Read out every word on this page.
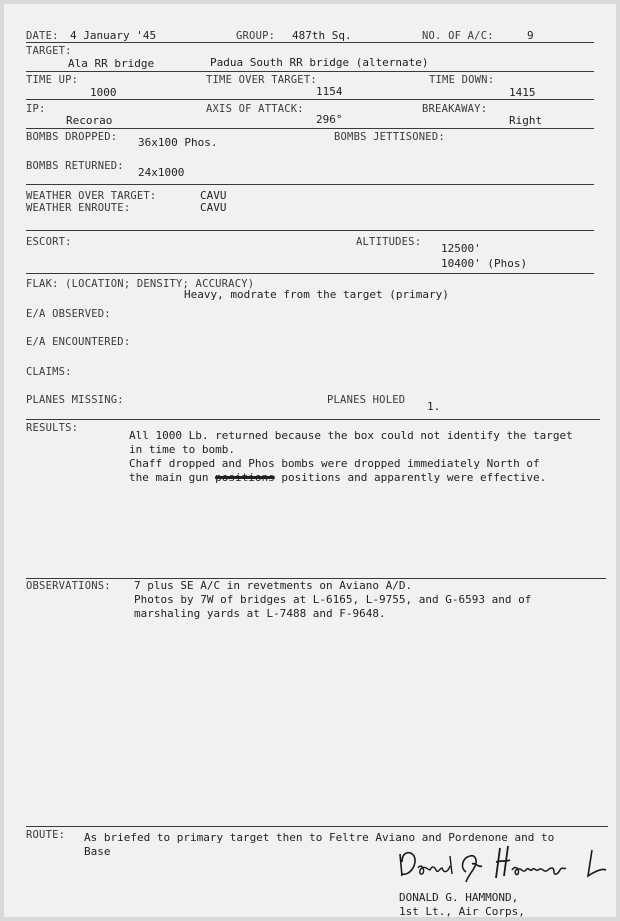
DATE: 4 January '45	GROUP: 487th Sq.	NO. OF A/C:	9
TARGET:
Ala RR bridge	Padua South RR bridge (alternate)
TIME UP:
1000
TIME OVER TARGET:
1154
TIME DOWN:
1415
IP:
Recorao
AXIS OF ATTACK:
296°
BREAKAWAY:
Right
BOMBS DROPPED: 36x100 Phos.	BOMBS JETTISONED:
BOMBS RETURNED: 24x1000
WEATHER OVER TARGET:	CAVU
WEATHER ENROUTE:	CAVU
ESCORT:	ALTITUDES: 12500'
10400' (Phos)
FLAK: (LOCATION; DENSITY; ACCURACY)
Heavy, modrate from the target (primary)
E/A OBSERVED:
E/A ENCOUNTERED:
CLAIMS:
PLANES MISSING:	PLANES HOLED 1.
RESULTS:
All 1000 Lb. returned because the box could not identify the target
in time to bomb.
Chaff dropped and Phos bombs were dropped immediately North of
the main gun positions positions and apparently were effective.
OBSERVATIONS: 7 plus SE A/C in revetments on Aviano A/D.
Photos by 7W of bridges at L-6165, L-9755, and G-6593 and of
marshaling yards at L-7488 and F-9648.
ROUTE: As briefed to primary target then to Feltre Aviano and Pordenone and to
Base
DONALD G. HAMMOND,
1st Lt., Air Corps,
